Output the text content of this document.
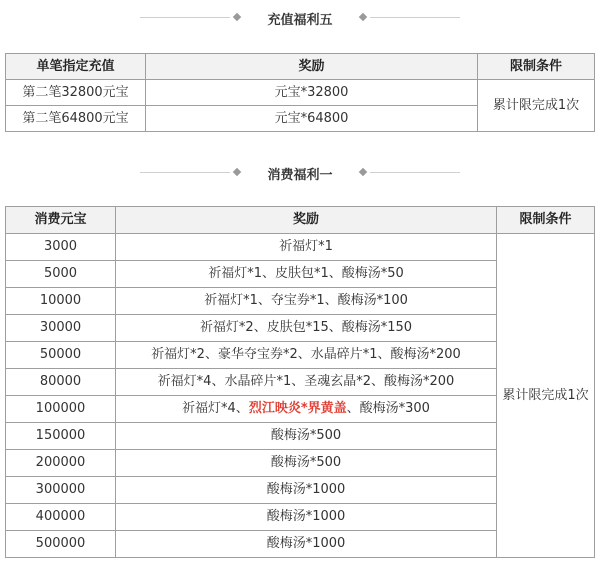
充值福利五
单笔指定充值	奖励	限制条件
第二笔32800元宝	元宝*32800	累计限完成1次
第二笔64800元宝	元宝*64800	
消费福利一
消费元宝	奖励	限制条件
3000	祈福灯*1	累计限完成1次
5000	祈福灯*1、皮肤包*1、酸梅汤*50	
10000	祈福灯*1、夺宝券*1、酸梅汤*100	
30000	祈福灯*2、皮肤包*15、酸梅汤*150	
50000	祈福灯*2、豪华夺宝券*2、水晶碎片*1、酸梅汤*200	
80000	祈福灯*4、水晶碎片*1、圣魂玄晶*2、酸梅汤*200	
100000	祈福灯*4、烈江映炎*界黄盖、酸梅汤*300	
150000	酸梅汤*500	
200000	酸梅汤*500	
300000	酸梅汤*1000	
400000	酸梅汤*1000	
500000	酸梅汤*1000	
